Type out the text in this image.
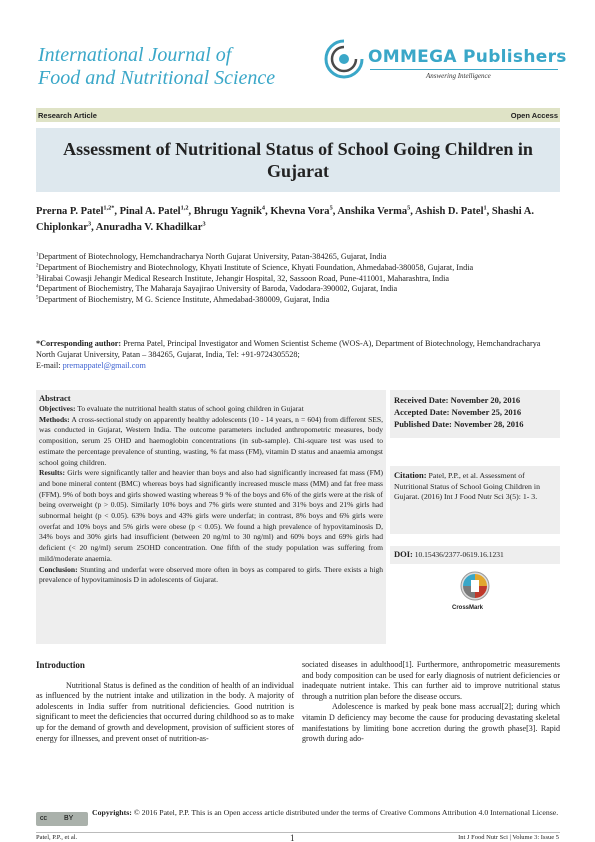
International Journal of
Food and Nutritional Science
OMMEGA Publishers
Answering Intelligence
Research Article	Open Access
Assessment of Nutritional Status of School Going Children in Gujarat
Prerna P. Patel$^{1,2*}$, Pinal A. Patel$^{1,2}$, Bhrugu Yagnik$^4$, Khevna Vora$^5$, Anshika Verma$^5$, Ashish D. Patel$^1$, Shashi A. Chiplonkar$^3$, Anuradha V. Khadilkar$^3$
$^1$Department of Biotechnology, Hemchandracharya North Gujarat University, Patan-384265, Gujarat, India
$^2$Department of Biochemistry and Biotechnology, Khyati Institute of Science, Khyati Foundation, Ahmedabad-380058, Gujarat, India
$^3$Hirabai Cowasji Jehangir Medical Research Institute, Jehangir Hospital, 32, Sassoon Road, Pune-411001, Maharashtra, India
$^4$Department of Biochemistry, The Maharaja Sayajirao University of Baroda, Vadodara-390002, Gujarat, India
$^5$Department of Biochemistry, M G. Science Institute, Ahmedabad-380009, Gujarat, India
*Corresponding author: Prerna Patel, Principal Investigator and Women Scientist Scheme (WOS-A), Department of Biotechnology, Hemchandracharya North Gujarat University, Patan – 384265, Gujarat, India, Tel: +91-9724305528;
E-mail: prernappatel@gmail.com
Abstract
Objectives: To evaluate the nutritional health status of school going children in Gujarat
Methods: A cross-sectional study on apparently healthy adolescents (10 - 14 years, n = 604) from different SES, was conducted in Gujarat, Western India. The outcome parameters included anthropometric measures, body composition, serum 25 OHD and haemoglobin concentrations (in sub-sample). Chi-square test was used to estimate the percentage prevalence of stunting, wasting, % fat mass (FM), vitamin D status and anaemia amongst school going children.
Results: Girls were significantly taller and heavier than boys and also had significantly increased fat mass (FM) and bone mineral content (BMC) whereas boys had significantly increased muscle mass (MM) and fat free mass (FFM). 9% of both boys and girls showed wasting whereas 9 % of the boys and 6% of the girls were at the risk of being overweight (p > 0.05). Similarly 10% boys and 7% girls were stunted and 31% boys and 21% girls had subnormal height (p < 0.05). 63% boys and 43% girls were underfat; in contrast, 8% boys and 6% girls were overfat and 10% boys and 5% girls were obese (p < 0.05). We found a high prevalence of hypovitaminosis D, 34% boys and 30% girls had insufficient (between 20 ng/ml to 30 ng/ml) and 60% boys and 69% girls had deficient (< 20 ng/ml) serum 25OHD concentration. One fifth of the study population was suffering from mild/moderate anaemia.
Conclusion: Stunting and underfat were observed more often in boys as compared to girls. There exists a high prevalence of hypovitaminosis D in adolescents of Gujarat.
Received Date: November 20, 2016
Accepted Date: November 25, 2016
Published Date: November 28, 2016
Citation: Patel, P.P., et al. Assessment of Nutritional Status of School Going Children in Gujarat. (2016) Int J Food Nutr Sci 3(5): 1- 3.
DOI: 10.15436/2377-0619.16.1231
CrossMark
Introduction

Nutritional Status is defined as the condition of health of an individual as influenced by the nutrient intake and utilization in the body. A majority of adolescents in India suffer from nutritional deficiencies. Good nutrition is significant to meet the deficiencies that occurred during childhood so as to make up for the demand of growth and development, provision of sufficient stores of energy for illnesses, and prevent onset of nutrition-as-

sociated diseases in adulthood[1]. Furthermore, anthropometric measurements and body composition can be used for early diagnosis of nutrient deficiencies or inadequate nutrient intake. This can further aid to improve nutritional status through a nutrition plan before the disease occurs.

Adolescence is marked by peak bone mass accrual[2]; during which vitamin D deficiency may become the cause for producing devastating skeletal manifestations by limiting bone accretion during the growth phase[3]. Rapid growth during ado-

cc BY
Copyrights: © 2016 Patel, P.P. This is an Open access article distributed under the terms of Creative Commons Attribution 4.0 International License.
Patel, P.P., et al.	1	Int J Food Nutr Sci | Volume 3: Issue 5
